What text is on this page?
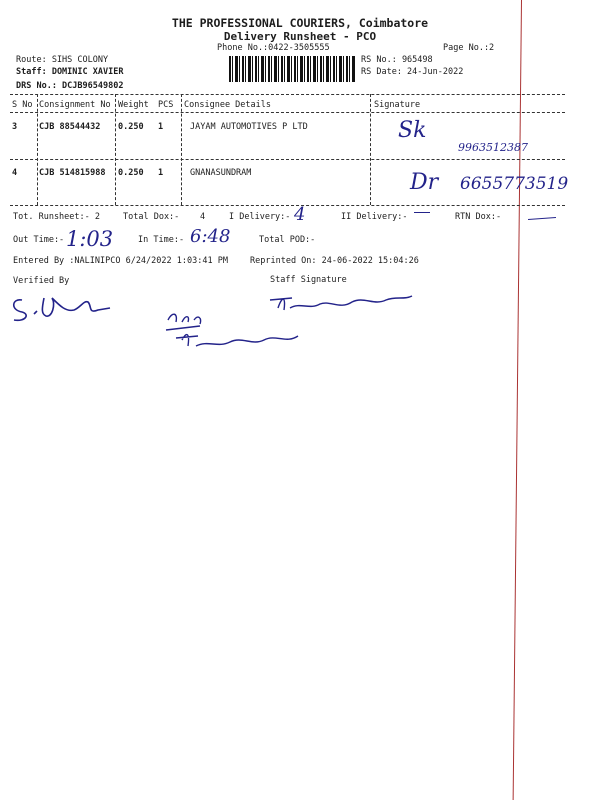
THE PROFESSIONAL COURIERS, Coimbatore
Delivery Runsheet - PCO
Phone No.:0422-3505555	Page No.:2
Route: SIHS COLONY
Staff: DOMINIC XAVIER
DRS No.: DCJB96549802
RS No.: 965498
RS Date: 24-Jun-2022
S No Consignment No Weight PCS Consignee Details	Signature
3	CJB 88544432 0.250 1	JAYAM AUTOMOTIVES P LTD	Sk
9963512387
4	CJB 514815988 0.250 1	GNANASUNDRAM	Dr 6655773519
Tot. Runsheet:- 2	Total Dox:- 4	I Delivery:- 4	II Delivery:-	RTN Dox:-
Out Time:- 1:03	In Time:- 6:48	Total POD:-
Entered By :NALINIPCO 6/24/2022 1:03:41 PM	Reprinted On: 24-06-2022 15:04:26
Verified By	Staff Signature
